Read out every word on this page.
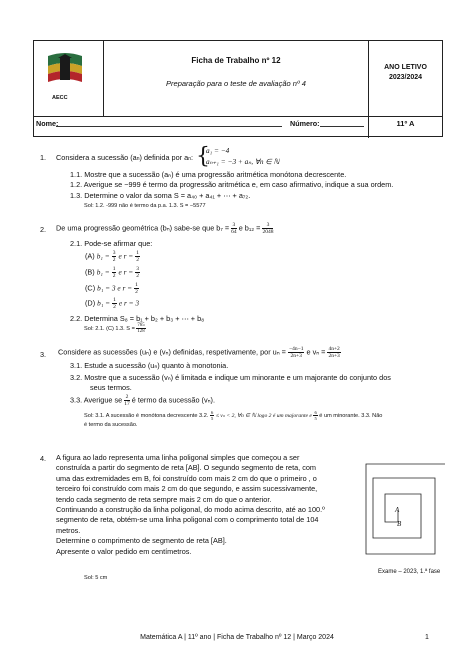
AECC
Ficha de Trabalho nº 12
Preparação para o teste de avaliação nº 4
ANO LETIVO
2023/2024
Nome:	Número:	11º A
1. Considera a sucessão (an) definida por an: {
a₁ = −4
aₙ₊₁ = −3 + aₙ, ∀n ∈ ℕ
1.1. Mostre que a sucessão (aₙ) é uma progressão aritmética monótona decrescente.
1.2. Averigue se −999 é termo da progressão aritmética e, em caso afirmativo, indique a sua ordem.
1.3. Determine o valor da soma S = a₄₀ + a₄₁ + ⋯ + a₇₂.
Sol: 1.2. -999 não é termo da p.a. 1.3. S = −5577
2. De uma progressão geométrica (bₙ) sabe-se que $b_7 = \frac{3}{64}$ e $b_{12} = \frac{3}{2048}$
2.1. Pode-se afirmar que:
(A) $b_1 = \frac{3}{2}$ e $r = \frac{1}{2}$
(B) $b_1 = \frac{1}{2}$ e $r = \frac{3}{2}$
(C) b₁ = 3 e $r = \frac{1}{2}$
(D) $b_1 = \frac{1}{2}$ e r = 3
2.2. Determina S₈ = b₁ + b₂ + b₃ + ⋯ + b₈
Sol: 2.1. (C) 1.3. $S = \frac{765}{128}$
3. Considere as sucessões (uₙ) e (vₙ) definidas, respetivamente, por $u_n = \frac{-4n-1}{2n+3}$ e $v_n = \frac{4n+2}{2n+3}$
3.1. Estude a sucessão (uₙ) quanto à monotonia.
3.2. Mostre que a sucessão (vₙ) é limitada e indique um minorante e um majorante do conjunto dos
seus termos.
3.3. Averigue se $\frac{2}{17}$ é termo da sucessão (vₙ).
Sol: 3.1. A sucessão é monótona decrescente 3.2. $\frac{6}{5} \le v_n < 2$, ∀n ∈ ℕ logo 2 é um majorante e $\frac{6}{5}$ é um minorante. 3.3. Não
é termo da sucessão.
4. A figura ao lado representa uma linha poligonal simples que começou a ser
construída a partir do segmento de reta [AB]. O segundo segmento de reta, com
uma das extremidades em B, foi construído com mais 2 cm do que o primeiro , o
terceiro foi construído com mais 2 cm do que segundo, e assim sucessivamente,
tendo cada segmento de reta sempre mais 2 cm do que o anterior.
Continuando a construção da linha poligonal, do modo acima descrito, até ao 100.º
segmento de reta, obtém-se uma linha poligonal com o comprimento total de 104
metros.
Determine o comprimento de segmento de reta [AB].
Apresente o valor pedido em centímetros.
Sol: 5 cm
A
B
Exame – 2023, 1.ª fase
Matemática A | 11º ano | Ficha de Trabalho nº 12 | Março 2024	1
